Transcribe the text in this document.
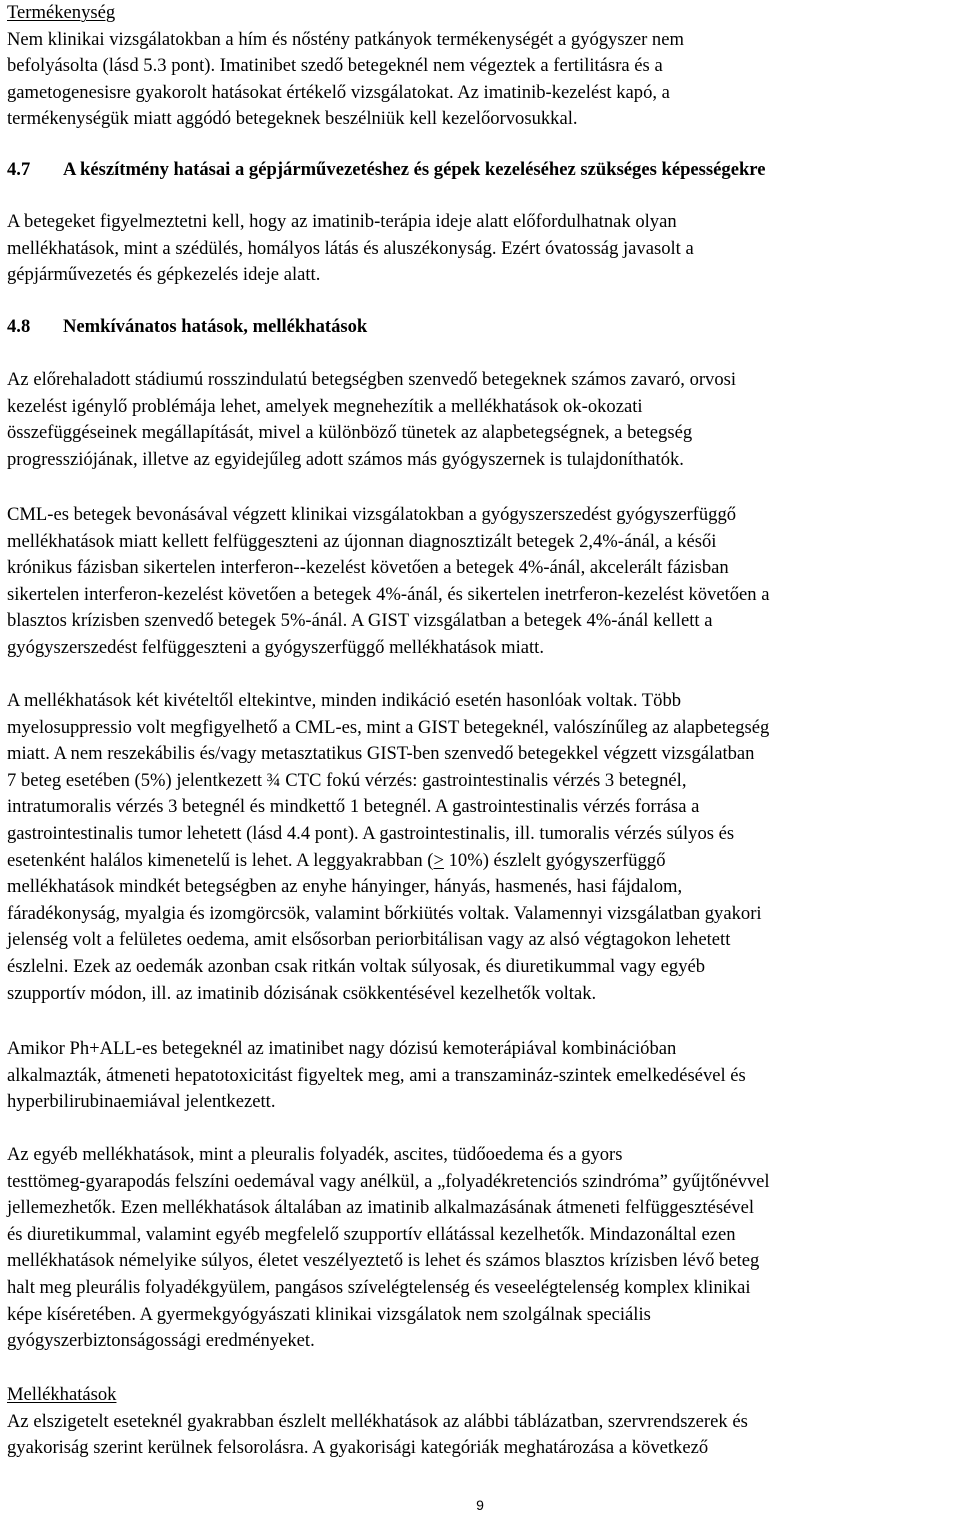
Termékenység
Nem klinikai vizsgálatokban a hím és nőstény patkányok termékenységét a gyógyszer nem
befolyásolta (lásd 5.3 pont). Imatinibet szedő betegeknél nem végeztek a fertilitásra és a
gametogenesisre gyakorolt hatásokat értékelő vizsgálatokat. Az imatinib-kezelést kapó, a
termékenységük miatt aggódó betegeknek beszélniük kell kezelőorvosukkal.
4.7 A készítmény hatásai a gépjárművezetéshez és gépek kezeléséhez szükséges képességekre
A betegeket figyelmeztetni kell, hogy az imatinib-terápia ideje alatt előfordulhatnak olyan
mellékhatások, mint a szédülés, homályos látás és aluszékonyság. Ezért óvatosság javasolt a
gépjárművezetés és gépkezelés ideje alatt.
4.8 Nemkívánatos hatások, mellékhatások
Az előrehaladott stádiumú rosszindulatú betegségben szenvedő betegeknek számos zavaró, orvosi
kezelést igénylő problémája lehet, amelyek megnehezítik a mellékhatások ok-okozati
összefüggéseinek megállapítását, mivel a különböző tünetek az alapbetegségnek, a betegség
progressziójának, illetve az egyidejűleg adott számos más gyógyszernek is tulajdoníthatók.
CML-es betegek bevonásával végzett klinikai vizsgálatokban a gyógyszerszedést gyógyszerfüggő
mellékhatások miatt kellett felfüggeszteni az újonnan diagnosztizált betegek 2,4%-ánál, a késői
krónikus fázisban sikertelen interferon--kezelést követően a betegek 4%-ánál, akcelerált fázisban
sikertelen interferon-kezelést követően a betegek 4%-ánál, és sikertelen inetrferon-kezelést követően a
blasztos krízisben szenvedő betegek 5%-ánál. A GIST vizsgálatban a betegek 4%-ánál kellett a
gyógyszerszedést felfüggeszteni a gyógyszerfüggő mellékhatások miatt.
A mellékhatások két kivételtől eltekintve, minden indikáció esetén hasonlóak voltak. Több
myelosuppressio volt megfigyelhető a CML-es, mint a GIST betegeknél, valószínűleg az alapbetegség
miatt. A nem reszekábilis és/vagy metasztatikus GIST-ben szenvedő betegekkel végzett vizsgálatban
7 beteg esetében (5%) jelentkezett ¾ CTC fokú vérzés: gastrointestinalis vérzés 3 betegnél,
intratumoralis vérzés 3 betegnél és mindkettő 1 betegnél. A gastrointestinalis vérzés forrása a
gastrointestinalis tumor lehetett (lásd 4.4 pont). A gastrointestinalis, ill. tumoralis vérzés súlyos és
esetenként halálos kimenetelű is lehet. A leggyakrabban (≥ 10%) észlelt gyógyszerfüggő
mellékhatások mindkét betegségben az enyhe hányinger, hányás, hasmenés, hasi fájdalom,
fáradékonyság, myalgia és izomgörcsök, valamint bőrkiütés voltak. Valamennyi vizsgálatban gyakori
jelenség volt a felületes oedema, amit elsősorban periorbitálisan vagy az alsó végtagokon lehetett
észlelni. Ezek az oedemák azonban csak ritkán voltak súlyosak, és diuretikummal vagy egyéb
szupportív módon, ill. az imatinib dózisának csökkentésével kezelhetők voltak.
Amikor Ph+ALL-es betegeknél az imatinibet nagy dózisú kemoterápiával kombinációban
alkalmazták, átmeneti hepatotoxicitást figyeltek meg, ami a transzamináz-szintek emelkedésével és
hyperbilirubinaemiával jelentkezett.
Az egyéb mellékhatások, mint a pleuralis folyadék, ascites, tüdőoedema és a gyors
testtömeg-gyarapodás felszíni oedemával vagy anélkül, a „folyadékretenciós szindróma” gyűjtőnévvel
jellemezhetők. Ezen mellékhatások általában az imatinib alkalmazásának átmeneti felfüggesztésével
és diuretikummal, valamint egyéb megfelelő szupportív ellátással kezelhetők. Mindazonáltal ezen
mellékhatások némelyike súlyos, életet veszélyeztető is lehet és számos blasztos krízisben lévő beteg
halt meg pleurális folyadékgyülem, pangásos szívelégtelenség és veseelégtelenség komplex klinikai
képe kíséretében. A gyermekgyógyászati klinikai vizsgálatok nem szolgálnak speciális
gyógyszerbiztonságossági eredményeket.
Mellékhatások
Az elszigetelt eseteknél gyakrabban észlelt mellékhatások az alábbi táblázatban, szervrendszerek és
gyakoriság szerint kerülnek felsorolásra. A gyakorisági kategóriák meghatározása a következő
9
